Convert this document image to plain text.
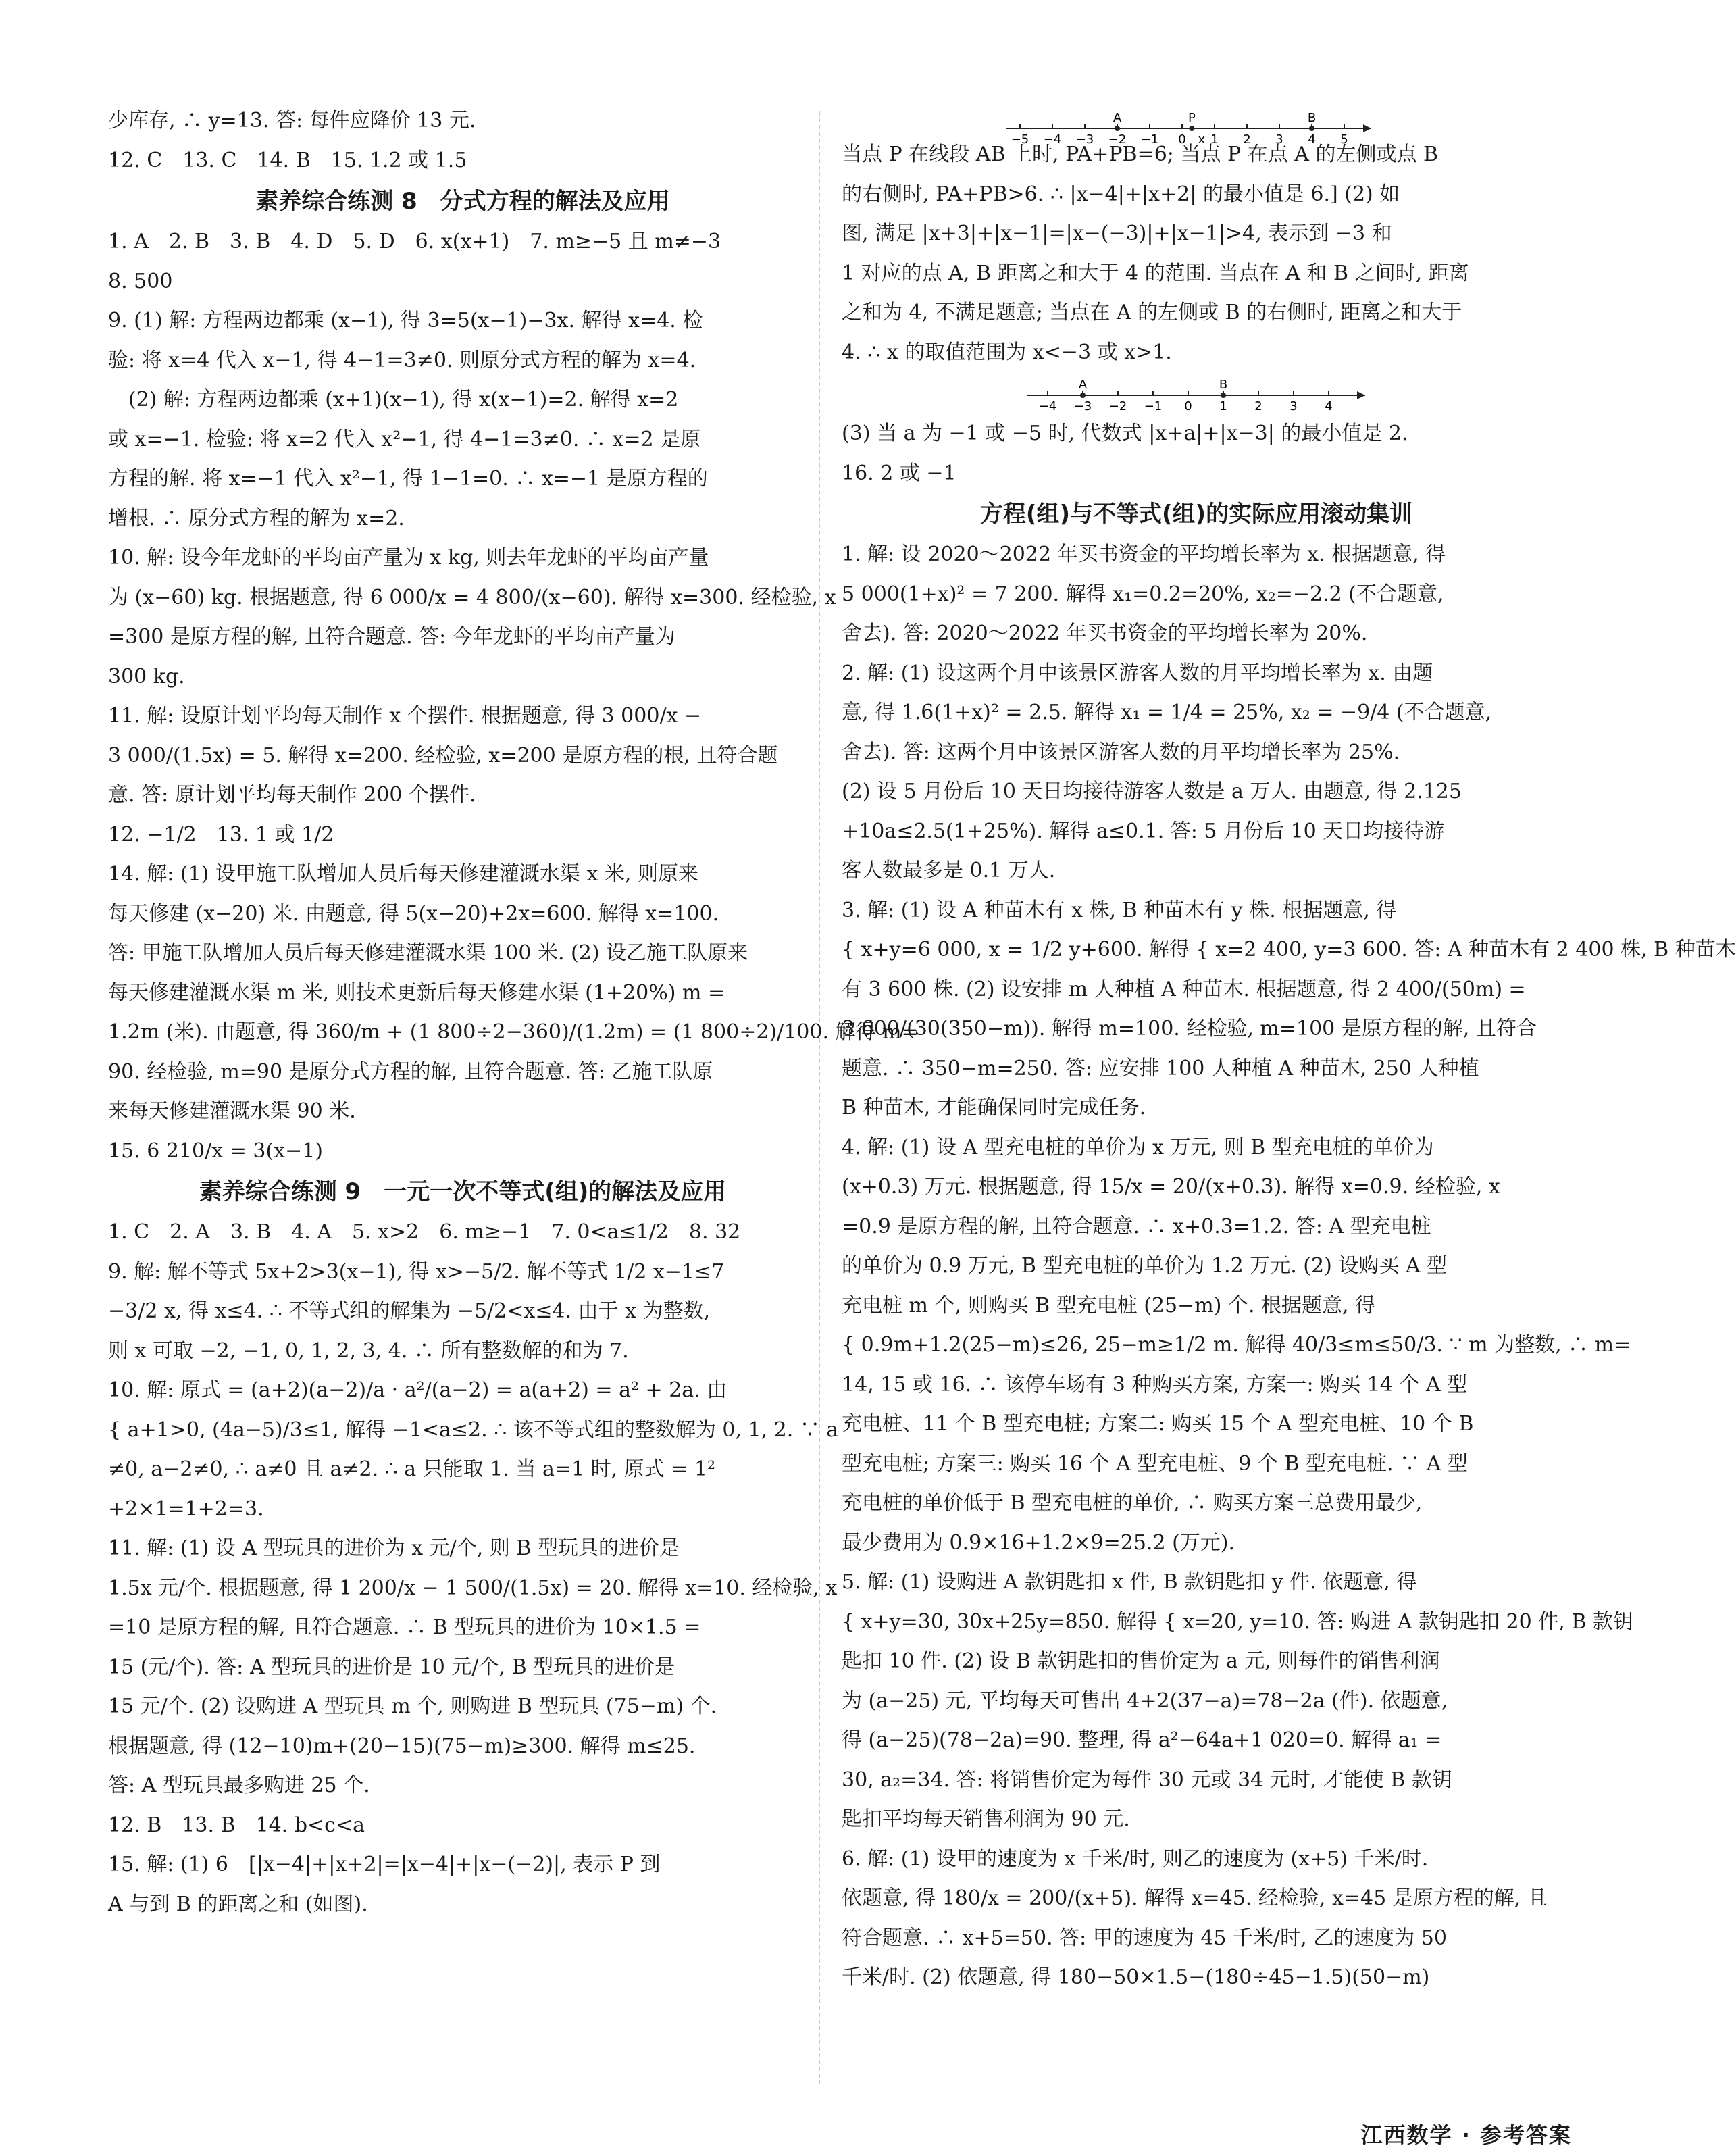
少库存, ∴ y=13. 答: 每件应降价 13 元.
12. C　13. C　14. B　15. 1.2 或 1.5
素养综合练测 8　分式方程的解法及应用
1. A　2. B　3. B　4. D　5. D　6. x(x+1)　7. m≥−5 且 m≠−3
8. 500
9. (1) 解: 方程两边都乘 (x−1), 得 3=5(x−1)−3x. 解得 x=4. 检
验: 将 x=4 代入 x−1, 得 4−1=3≠0. 则原分式方程的解为 x=4.
　(2) 解: 方程两边都乘 (x+1)(x−1), 得 x(x−1)=2. 解得 x=2
或 x=−1. 检验: 将 x=2 代入 x²−1, 得 4−1=3≠0. ∴ x=2 是原
方程的解. 将 x=−1 代入 x²−1, 得 1−1=0. ∴ x=−1 是原方程的
增根. ∴ 原分式方程的解为 x=2.
10. 解: 设今年龙虾的平均亩产量为 x kg, 则去年龙虾的平均亩产量
为 (x−60) kg. 根据题意, 得 6 000/x = 4 800/(x−60). 解得 x=300. 经检验, x
=300 是原方程的解, 且符合题意. 答: 今年龙虾的平均亩产量为
300 kg.
11. 解: 设原计划平均每天制作 x 个摆件. 根据题意, 得 3 000/x −
3 000/(1.5x) = 5. 解得 x=200. 经检验, x=200 是原方程的根, 且符合题
意. 答: 原计划平均每天制作 200 个摆件.
12. −1/2　13. 1 或 1/2
14. 解: (1) 设甲施工队增加人员后每天修建灌溉水渠 x 米, 则原来
每天修建 (x−20) 米. 由题意, 得 5(x−20)+2x=600. 解得 x=100.
答: 甲施工队增加人员后每天修建灌溉水渠 100 米. (2) 设乙施工队原来
每天修建灌溉水渠 m 米, 则技术更新后每天修建水渠 (1+20%) m =
1.2m (米). 由题意, 得 360/m + (1 800÷2−360)/(1.2m) = (1 800÷2)/100. 解得 m=
90. 经检验, m=90 是原分式方程的解, 且符合题意. 答: 乙施工队原
来每天修建灌溉水渠 90 米.
15. 6 210/x = 3(x−1)
素养综合练测 9　一元一次不等式(组)的解法及应用
1. C　2. A　3. B　4. A　5. x>2　6. m≥−1　7. 0<a≤1/2　8. 32
9. 解: 解不等式 5x+2>3(x−1), 得 x>−5/2. 解不等式 1/2 x−1≤7
−3/2 x, 得 x≤4. ∴ 不等式组的解集为 −5/2<x≤4. 由于 x 为整数,
则 x 可取 −2, −1, 0, 1, 2, 3, 4. ∴ 所有整数解的和为 7.
10. 解: 原式 = (a+2)(a−2)/a · a²/(a−2) = a(a+2) = a² + 2a. 由
{ a+1>0, (4a−5)/3≤1, 解得 −1<a≤2. ∴ 该不等式组的整数解为 0, 1, 2. ∵ a
≠0, a−2≠0, ∴ a≠0 且 a≠2. ∴ a 只能取 1. 当 a=1 时, 原式 = 1²
+2×1=1+2=3.
11. 解: (1) 设 A 型玩具的进价为 x 元/个, 则 B 型玩具的进价是
1.5x 元/个. 根据题意, 得 1 200/x − 1 500/(1.5x) = 20. 解得 x=10. 经检验, x
=10 是原方程的解, 且符合题意. ∴ B 型玩具的进价为 10×1.5 =
15 (元/个). 答: A 型玩具的进价是 10 元/个, B 型玩具的进价是
15 元/个. (2) 设购进 A 型玩具 m 个, 则购进 B 型玩具 (75−m) 个.
根据题意, 得 (12−10)m+(20−15)(75−m)≥300. 解得 m≤25.
答: A 型玩具最多购进 25 个.
12. B　13. B　14. b<c<a
15. 解: (1) 6　[|x−4|+|x+2|=|x−4|+|x−(−2)|, 表示 P 到
A 与到 B 的距离之和 (如图).
−5 −4 −3 −2 −1 0 1 2 3 4 5
A	P	B
x
当点 P 在线段 AB 上时, PA+PB=6; 当点 P 在点 A 的左侧或点 B
的右侧时, PA+PB>6. ∴ |x−4|+|x+2| 的最小值是 6.] (2) 如
图, 满足 |x+3|+|x−1|=|x−(−3)|+|x−1|>4, 表示到 −3 和
1 对应的点 A, B 距离之和大于 4 的范围. 当点在 A 和 B 之间时, 距离
之和为 4, 不满足题意; 当点在 A 的左侧或 B 的右侧时, 距离之和大于
4. ∴ x 的取值范围为 x<−3 或 x>1.
−4 −3 −2 −1 0 1 2 3 4
A	B
(3) 当 a 为 −1 或 −5 时, 代数式 |x+a|+|x−3| 的最小值是 2.
16. 2 或 −1
方程(组)与不等式(组)的实际应用滚动集训
1. 解: 设 2020～2022 年买书资金的平均增长率为 x. 根据题意, 得
5 000(1+x)² = 7 200. 解得 x₁=0.2=20%, x₂=−2.2 (不合题意,
舍去). 答: 2020～2022 年买书资金的平均增长率为 20%.
2. 解: (1) 设这两个月中该景区游客人数的月平均增长率为 x. 由题
意, 得 1.6(1+x)² = 2.5. 解得 x₁ = 1/4 = 25%, x₂ = −9/4 (不合题意,
舍去). 答: 这两个月中该景区游客人数的月平均增长率为 25%.
(2) 设 5 月份后 10 天日均接待游客人数是 a 万人. 由题意, 得 2.125
+10a≤2.5(1+25%). 解得 a≤0.1. 答: 5 月份后 10 天日均接待游
客人数最多是 0.1 万人.
3. 解: (1) 设 A 种苗木有 x 株, B 种苗木有 y 株. 根据题意, 得
{ x+y=6 000, x = 1/2 y+600. 解得 { x=2 400, y=3 600. 答: A 种苗木有 2 400 株, B 种苗木
有 3 600 株. (2) 设安排 m 人种植 A 种苗木. 根据题意, 得 2 400/(50m) =
3 600/(30(350−m)). 解得 m=100. 经检验, m=100 是原方程的解, 且符合
题意. ∴ 350−m=250. 答: 应安排 100 人种植 A 种苗木, 250 人种植
B 种苗木, 才能确保同时完成任务.
4. 解: (1) 设 A 型充电桩的单价为 x 万元, 则 B 型充电桩的单价为
(x+0.3) 万元. 根据题意, 得 15/x = 20/(x+0.3). 解得 x=0.9. 经检验, x
=0.9 是原方程的解, 且符合题意. ∴ x+0.3=1.2. 答: A 型充电桩
的单价为 0.9 万元, B 型充电桩的单价为 1.2 万元. (2) 设购买 A 型
充电桩 m 个, 则购买 B 型充电桩 (25−m) 个. 根据题意, 得
{ 0.9m+1.2(25−m)≤26, 25−m≥1/2 m. 解得 40/3≤m≤50/3. ∵ m 为整数, ∴ m=
14, 15 或 16. ∴ 该停车场有 3 种购买方案, 方案一: 购买 14 个 A 型
充电桩、11 个 B 型充电桩; 方案二: 购买 15 个 A 型充电桩、10 个 B
型充电桩; 方案三: 购买 16 个 A 型充电桩、9 个 B 型充电桩. ∵ A 型
充电桩的单价低于 B 型充电桩的单价, ∴ 购买方案三总费用最少,
最少费用为 0.9×16+1.2×9=25.2 (万元).
5. 解: (1) 设购进 A 款钥匙扣 x 件, B 款钥匙扣 y 件. 依题意, 得
{ x+y=30, 30x+25y=850. 解得 { x=20, y=10. 答: 购进 A 款钥匙扣 20 件, B 款钥
匙扣 10 件. (2) 设 B 款钥匙扣的售价定为 a 元, 则每件的销售利润
为 (a−25) 元, 平均每天可售出 4+2(37−a)=78−2a (件). 依题意,
得 (a−25)(78−2a)=90. 整理, 得 a²−64a+1 020=0. 解得 a₁ =
30, a₂=34. 答: 将销售价定为每件 30 元或 34 元时, 才能使 B 款钥
匙扣平均每天销售利润为 90 元.
6. 解: (1) 设甲的速度为 x 千米/时, 则乙的速度为 (x+5) 千米/时.
依题意, 得 180/x = 200/(x+5). 解得 x=45. 经检验, x=45 是原方程的解, 且
符合题意. ∴ x+5=50. 答: 甲的速度为 45 千米/时, 乙的速度为 50
千米/时. (2) 依题意, 得 180−50×1.5−(180÷45−1.5)(50−m)
江西数学 · 参考答案
